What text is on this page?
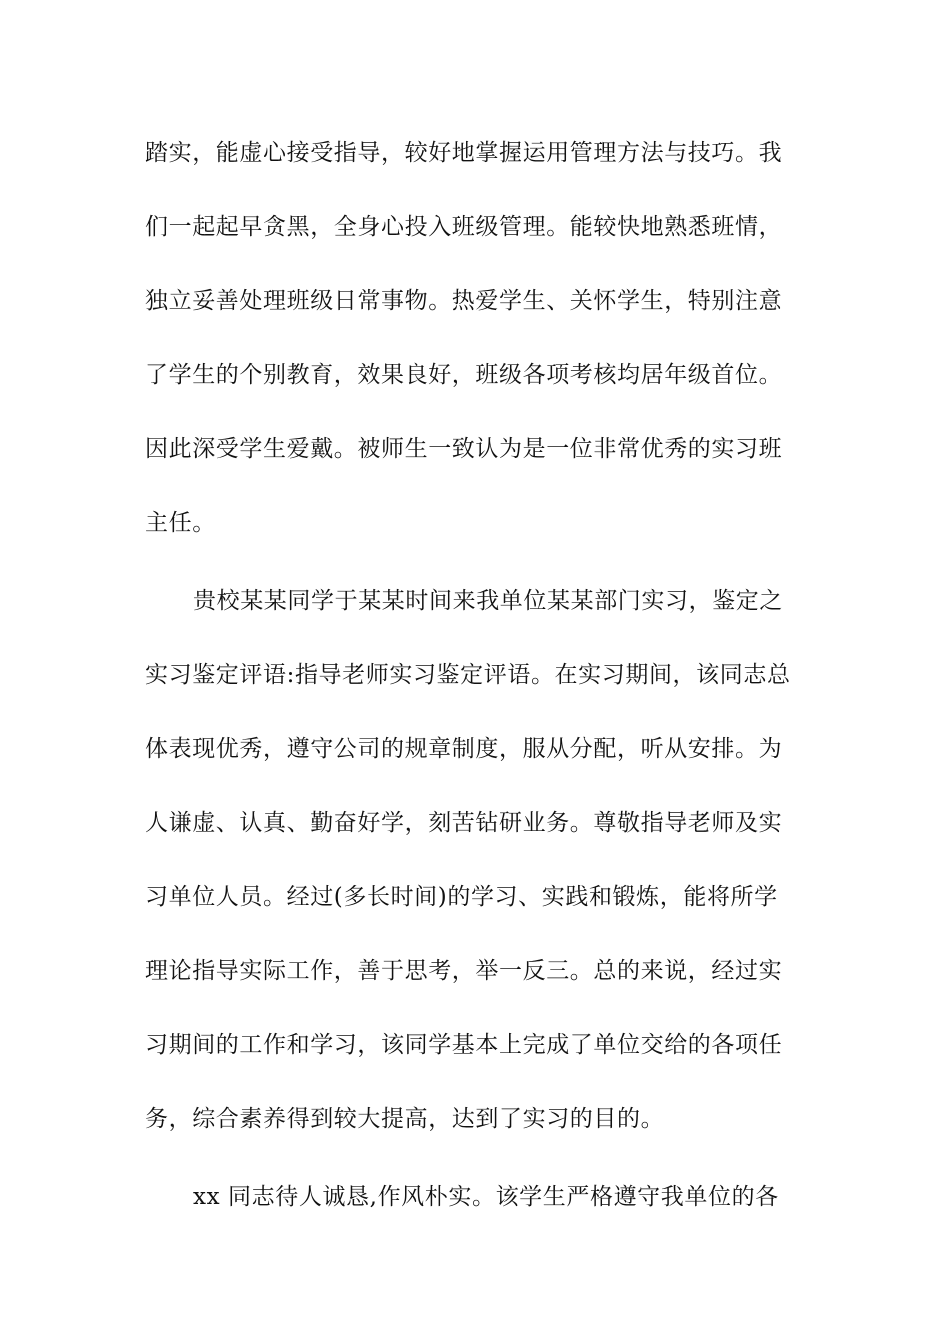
踏实，能虚心接受指导，较好地掌握运用管理方法与技巧。我
们一起起早贪黑，全身心投入班级管理。能较快地熟悉班情，
独立妥善处理班级日常事物。热爱学生、关怀学生，特别注意
了学生的个别教育，效果良好，班级各项考核均居年级首位。
因此深受学生爱戴。被师生一致认为是一位非常优秀的实习班
主任。
贵校某某同学于某某时间来我单位某某部门实习，鉴定之
实习鉴定评语:指导老师实习鉴定评语。在实习期间，该同志总
体表现优秀，遵守公司的规章制度，服从分配，听从安排。为
人谦虚、认真、勤奋好学，刻苦钻研业务。尊敬指导老师及实
习单位人员。经过(多长时间)的学习、实践和锻炼，能将所学
理论指导实际工作，善于思考，举一反三。总的来说，经过实
习期间的工作和学习，该同学基本上完成了单位交给的各项任
务，综合素养得到较大提高，达到了实习的目的。
xx 同志待人诚恳,作风朴实。该学生严格遵守我单位的各
